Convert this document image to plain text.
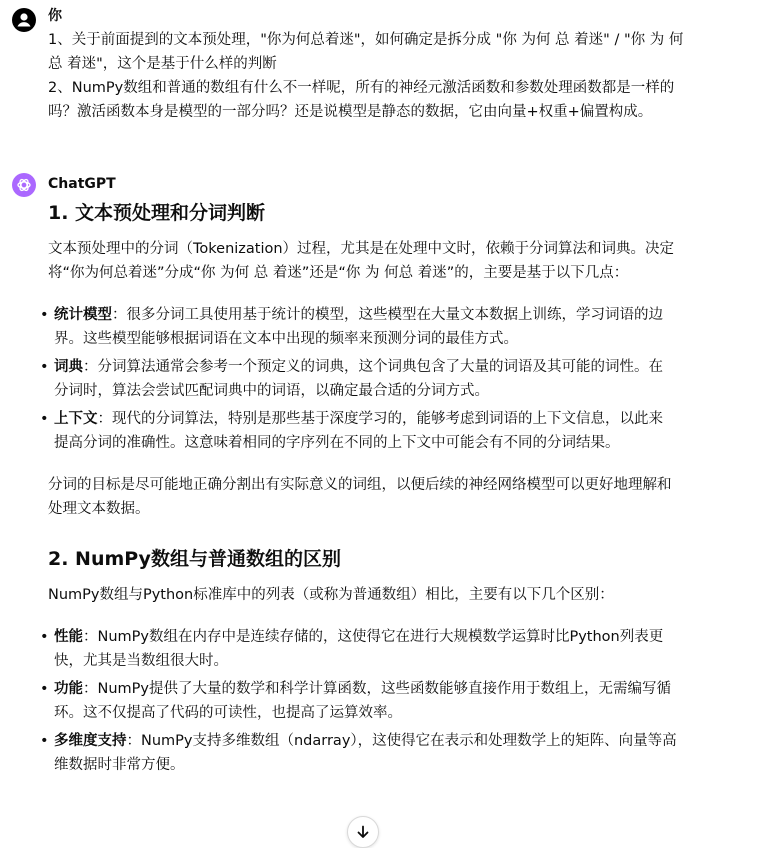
你

1、关于前面提到的文本预处理，"你为何总着迷"，如何确定是拆分成 "你 为何 总 着迷" / "你 为 何

总 着迷"，这个是基于什么样的判断

2、NumPy数组和普通的数组有什么不一样呢，所有的神经元激活函数和参数处理函数都是一样的

吗？激活函数本身是模型的一部分吗？还是说模型是静态的数据，它由向量+权重+偏置构成。

ChatGPT
1. 文本预处理和分词判断

文本预处理中的分词（Tokenization）过程，尤其是在处理中文时，依赖于分词算法和词典。决定

将“你为何总着迷”分成“你 为何 总 着迷”还是“你 为 何总 着迷”的，主要是基于以下几点：

• 统计模型：很多分词工具使用基于统计的模型，这些模型在大量文本数据上训练，学习词语的边
界。这些模型能够根据词语在文本中出现的频率来预测分词的最佳方式。
• 词典：分词算法通常会参考一个预定义的词典，这个词典包含了大量的词语及其可能的词性。在
分词时，算法会尝试匹配词典中的词语，以确定最合适的分词方式。
• 上下文：现代的分词算法，特别是那些基于深度学习的，能够考虑到词语的上下文信息，以此来
提高分词的准确性。这意味着相同的字序列在不同的上下文中可能会有不同的分词结果。

分词的目标是尽可能地正确分割出有实际意义的词组，以便后续的神经网络模型可以更好地理解和

处理文本数据。

2. NumPy数组与普通数组的区别

NumPy数组与Python标准库中的列表（或称为普通数组）相比，主要有以下几个区别：

• 性能：NumPy数组在内存中是连续存储的，这使得它在进行大规模数学运算时比Python列表更
快，尤其是当数组很大时。
• 功能：NumPy提供了大量的数学和科学计算函数，这些函数能够直接作用于数组上，无需编写循
环。这不仅提高了代码的可读性，也提高了运算效率。
• 多维度支持：NumPy支持多维数组（ndarray），这使得它在表示和处理数学上的矩阵、向量等高
维数据时非常方便。
